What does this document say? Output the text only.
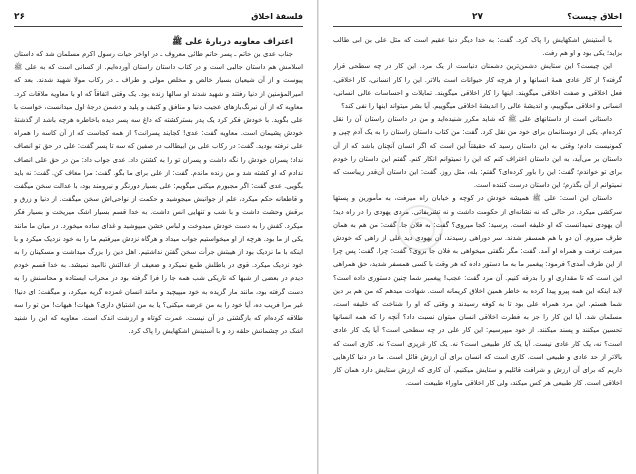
۲۶	فلسفهٔ اخلاق

اعتراف معاویه دربارهٔ علی ﷺ

جناب عدی بن حاتم ـ پسر حاتم طائی معروف ـ در اواخر حیات رسول اکرم مسلمان شد که داستان اسلامش هم داستان جالبی است و در کتاب داستان راستان آورده‌ایم. از کسانی است که به علی ﷺ پیوست و از آن شیعیان بسیار خالص و مخلص مولی و طراف ـ در رکاب مولا شهید شدند. بعد که امیرالمؤمنین از دنیا رفتند و شهید شدند او سالها زنده بود. یک وقتی اتفاقاً که او با معاویه ملاقات کرد. معاویه که از آن نیرنگ‌بازهای عجیب دنیا و منافق و کثیف و پلید و دشمن درجهٔ اول میدانست، خواست با علی بگوید. با خودش فکر کرد یک پدر بسترکشته که داغ سه پسر دیده باخاطره هرچه باشد از گذشتهٔ خودش پشیمان است. معاویه گفت: عدی! کجایند پسرانت؟ از همه کجاست که از آن کاسه را همراه علی نرفته بودید. گفت: در رکاب علی بن ابیطالب در صفین که سه تا پسر گفت: علی در حق تو انصاف نداد؛ پسران خودش را نگه داشت و پسران تو را به کشتن داد. عدی جواب داد: من در حق علی انصاف ندادم که او کشته شد و من زنده ماندم. گفت: از علی برای ما بگو. گفت: مرا معاف کن. گفت: نه باید بگویی. عدی گفت: اگر مجبورم میکنی میگویم: علی بسیار دورنگر و نیرومند بود، با عدالت سخن میگفت و قاطعانه حکم میکرد، علم از جوانبش میجوشید و حکمت از نواحی‌اش سخن میگفت. از دنیا و زرق و برقش وحشت داشت و با شب و تنهایی انس داشت. به خدا قسم بسیار اشک میریخت و بسیار فکر میکرد. کفش را به دست خودش میدوخت و لباس خشن میپوشید و غذای ساده میخورد. در میان ما مانند یکی از ما بود. هرچه از او میخواستیم جواب میداد و هرگاه نزدش میرفتیم ما را به خود نزدیک میکرد و با اینکه با ما نزدیک بود از هیبتش جرأت سخن گفتن نداشتیم. اهل دین را بزرگ میداشت و مسکینان را به خود نزدیک میکرد. قوی در باطلش طمع نمیکرد و ضعیف از عدالتش ناامید نمیشد. به خدا قسم خودم دیدم در بعضی از شبها که تاریکی شب همه جا را فرا گرفته بود در محراب ایستاده و محاسنش را به دست گرفته بود، مانند مار گزیده به خود میپیچید و مانند انسان غمزده گریه میکرد، و میگفت: ای دنیا! غیر مرا فریب ده، آیا خود را به من عرضه میکنی؟ یا به من اشتیاق داری؟ هیهات! هیهات! من تو را سه طلاقه کرده‌ام که بازگشتی در آن نیست. عمرت کوتاه و ارزشت اندک است. معاویه که این را شنید اشک در چشمانش حلقه زد و با آستینش اشکهایش را پاک کرد.

۲۷	اخلاق چیست؟

با آستینش اشکهایش را پاک کرد. گفت: به خدا دیگر دنیا عقیم است که مثل علی بن ابی طالب بزاید؛ یکی بود و او هم رفت.

این چیست؟ این ستایش دشمن‌ترین دشمنان دنیاست از یک مرد. این کار در چه سطحی قرار گرفته؟ از کار عادی همهٔ انسانها و از هرچه کار حیوانات است بالاتر. این را کار انسانی، کار اخلاقی، فعل اخلاقی و صفت اخلاقی میگویند. اینها را کار اخلاقی میگویند. تمایلات و احساسات عالی انسانی، انسانی و اخلاقی میگوییم، و اندیشهٔ عالی را اندیشهٔ اخلاقی میگوییم. آیا بشر میتواند اینها را نفی کند؟

داستانی است از داستانهای علی ﷺ که شاید مکرر شنیده‌اید و من در داستان راستان آن را نقل کرده‌ام. یکی از دوستانمان برای خود من نقل کرد. گفت: من کتاب داستان راستان را به یک آدم چپی و کمونیست دادم؛ وقتی به این داستان رسید که حقیقتاً این است که اگر انسان آنچنان باشد که از آن داستان بر می‌آید، به این داستان اعتراف کنم که این را نمیتوانم انکار کنم. گفتم این داستان را خودم برای تو خواندم؛ گفت: این را باور کرده‌ای؟ گفتم: بله، مثل روز. گفت: این داستان آن‌قدر زیباست که نمیتوانم از آن بگذرم؛ این داستان درست کننده است.

داستان این است: علی ﷺ همیشه خودش در کوچه و خیابان راه میرفت، به مأمورین و پستها سرکشی میکرد. در حالی که نه نشانه‌ای از حکومت داشت و نه تشریفاتی. مردی یهودی را در راه دید؛ آن یهودی نمیدانست که او خلیفه است. پرسید: کجا میروی؟ گفت: به فلان جا. گفت: من هم به همان طرف میروم. آن دو با هم همسفر شدند. سر دوراهی رسیدند، آن یهودی دید علی از راهی که خودش میرفت نرفت و همراه او آمد. گفت: مگر نگفتی میخواهی به فلان جا بروی؟ گفت: چرا. گفت: پس چرا از این طرف آمدی؟ فرمود: پیغمبر ما به ما دستور داده که هر وقت با کسی همسفر شدید، حق همراهی این است که تا مقداری او را بدرقه کنیم. آن مرد گفت: عجب! پیغمبر شما چنین دستوری داده است؟ لابد اینکه این همه پیرو پیدا کرده به خاطر همین اخلاق کریمانه است. شهادت میدهم که من هم بر دین شما هستم. این مرد همراه علی بود تا به کوفه رسیدند و وقتی که او را شناخت که خلیفه است، مسلمان شد. آیا این کار را جز به فطرت اخلاقی انسان میتوان نسبت داد؟ آنچه را که همه انسانها تحسین میکنند و پسند میکنند. از خود میپرسیم: این کار علی در چه سطحی است؟ آیا یک کار عادی است؟ نه، یک کار عادی نیست. آیا یک کار طبیعی است؟ نه. یک کار غریزی است؟ نه. کاری است که بالاتر از حد عادی و طبیعی است. کاری است که انسان برای آن ارزش قائل است. ما در دنیا کارهایی داریم که برای آن ارزش و شرافت قائلیم و ستایش میکنیم. آن کاری که ارزش ستایش دارد همان کار اخلاقی است. کار طبیعی هر کس میکند، ولی کار اخلاقی ماوراء طبیعت است.
